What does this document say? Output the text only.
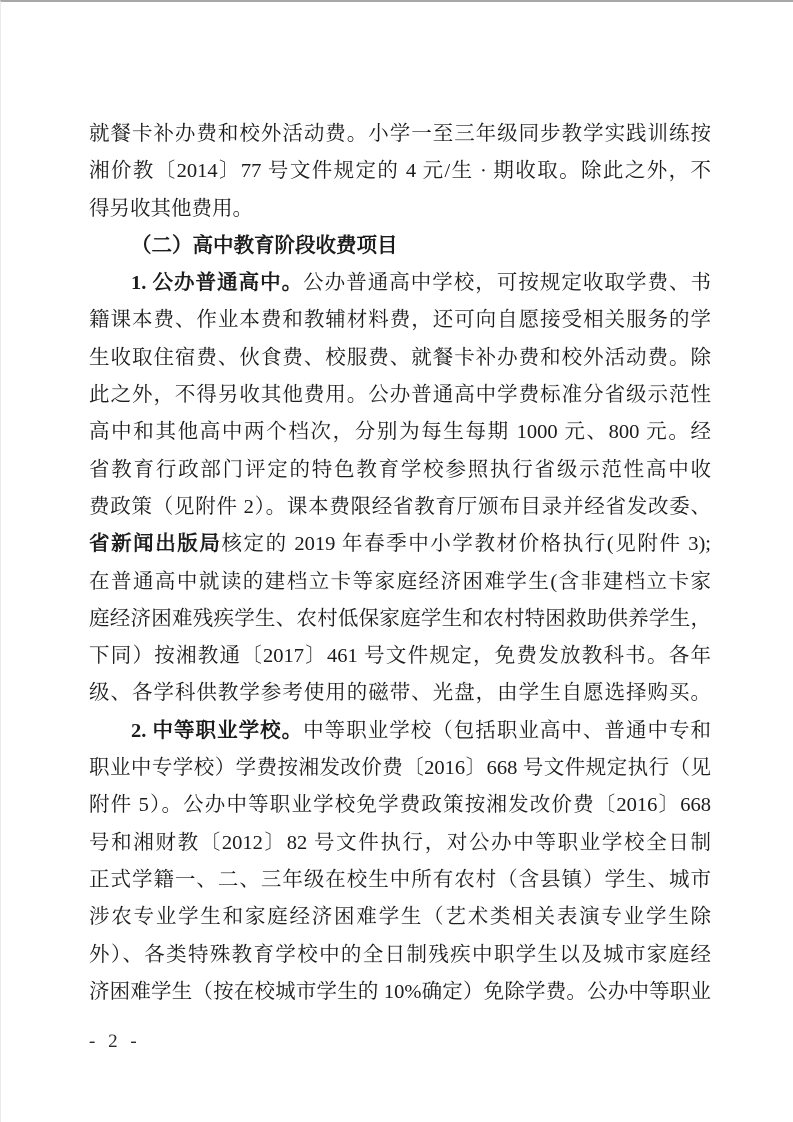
就餐卡补办费和校外活动费。小学一至三年级同步教学实践训练按
湘价教〔2014〕77 号文件规定的 4 元/生 · 期收取。除此之外，不
得另收其他费用。
（二）高中教育阶段收费项目
1. 公办普通高中。公办普通高中学校，可按规定收取学费、书
籍课本费、作业本费和教辅材料费，还可向自愿接受相关服务的学
生收取住宿费、伙食费、校服费、就餐卡补办费和校外活动费。除
此之外，不得另收其他费用。公办普通高中学费标准分省级示范性
高中和其他高中两个档次，分别为每生每期 1000 元、800 元。经
省教育行政部门评定的特色教育学校参照执行省级示范性高中收
费政策（见附件 2）。课本费限经省教育厅颁布目录并经省发改委、
省新闻出版局核定的 2019 年春季中小学教材价格执行(见附件 3);
在普通高中就读的建档立卡等家庭经济困难学生(含非建档立卡家
庭经济困难残疾学生、农村低保家庭学生和农村特困救助供养学生，
下同）按湘教通〔2017〕461 号文件规定，免费发放教科书。各年
级、各学科供教学参考使用的磁带、光盘，由学生自愿选择购买。
2. 中等职业学校。中等职业学校（包括职业高中、普通中专和
职业中专学校）学费按湘发改价费〔2016〕668 号文件规定执行（见
附件 5）。公办中等职业学校免学费政策按湘发改价费〔2016〕668
号和湘财教〔2012〕82 号文件执行，对公办中等职业学校全日制
正式学籍一、二、三年级在校生中所有农村（含县镇）学生、城市
涉农专业学生和家庭经济困难学生（艺术类相关表演专业学生除
外）、各类特殊教育学校中的全日制残疾中职学生以及城市家庭经
济困难学生（按在校城市学生的 10%确定）免除学费。公办中等职业
- 2 -
